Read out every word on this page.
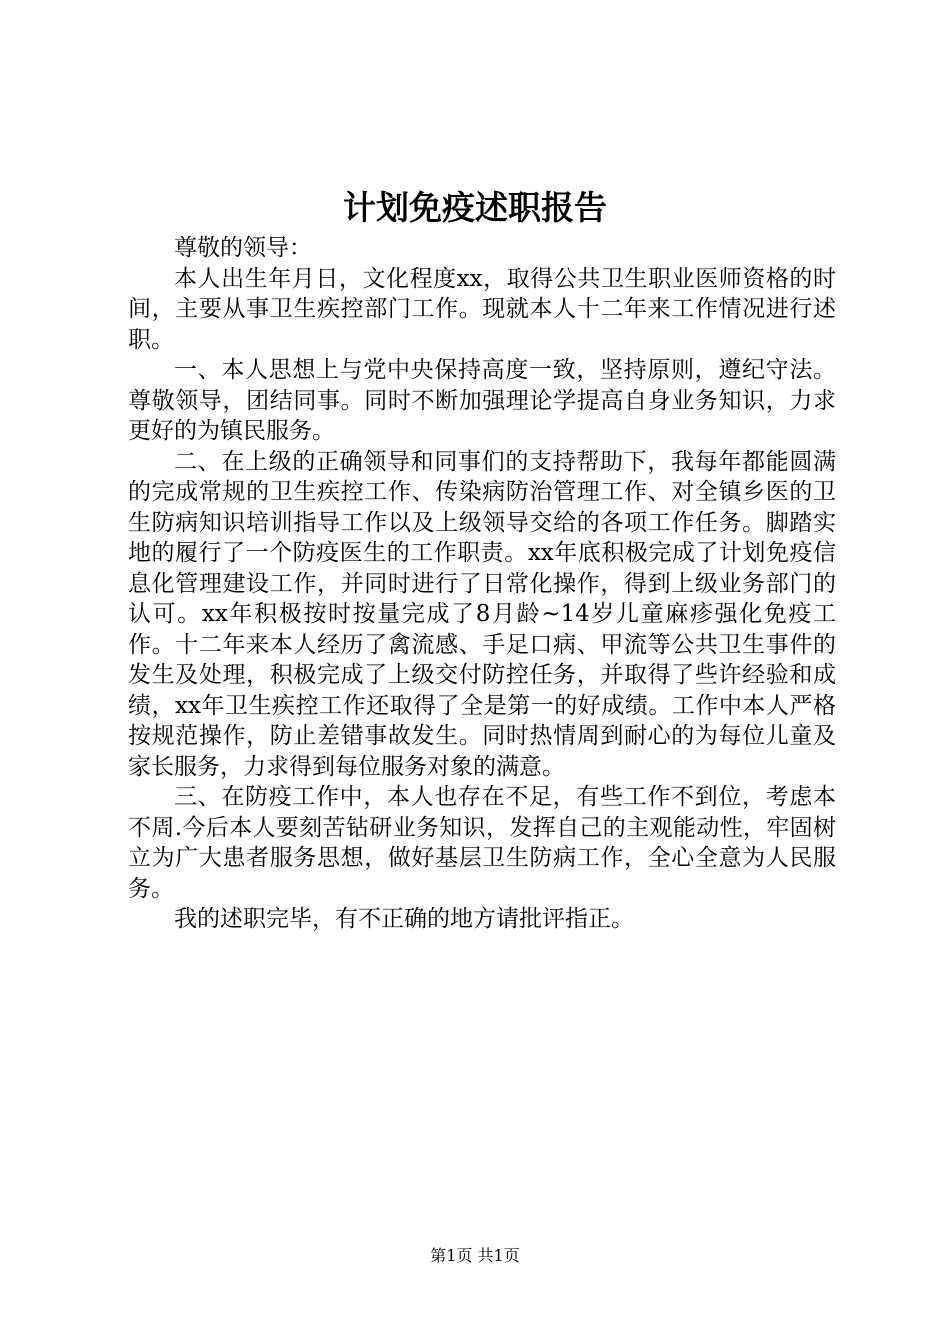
计划免疫述职报告

尊敬的领导：

本人出生年月日，文化程度xx，取得公共卫生职业医师资格的时间，主要从事卫生疾控部门工作。现就本人十二年来工作情况进行述职。

一、本人思想上与党中央保持高度一致，坚持原则，遵纪守法。尊敬领导，团结同事。同时不断加强理论学提高自身业务知识，力求更好的为镇民服务。

二、在上级的正确领导和同事们的支持帮助下，我每年都能圆满的完成常规的卫生疾控工作、传染病防治管理工作、对全镇乡医的卫生防病知识培训指导工作以及上级领导交给的各项工作任务。脚踏实地的履行了一个防疫医生的工作职责。xx年底积极完成了计划免疫信息化管理建设工作，并同时进行了日常化操作，得到上级业务部门的认可。xx年积极按时按量完成了8月龄~14岁儿童麻疹强化免疫工作。十二年来本人经历了禽流感、手足口病、甲流等公共卫生事件的发生及处理，积极完成了上级交付防控任务，并取得了些许经验和成绩，xx年卫生疾控工作还取得了全是第一的好成绩。工作中本人严格按规范操作，防止差错事故发生。同时热情周到耐心的为每位儿童及家长服务，力求得到每位服务对象的满意。

三、在防疫工作中，本人也存在不足，有些工作不到位，考虑本不周.今后本人要刻苦钻研业务知识，发挥自己的主观能动性，牢固树立为广大患者服务思想，做好基层卫生防病工作，全心全意为人民服务。

我的述职完毕，有不正确的地方请批评指正。

第1页 共1页
